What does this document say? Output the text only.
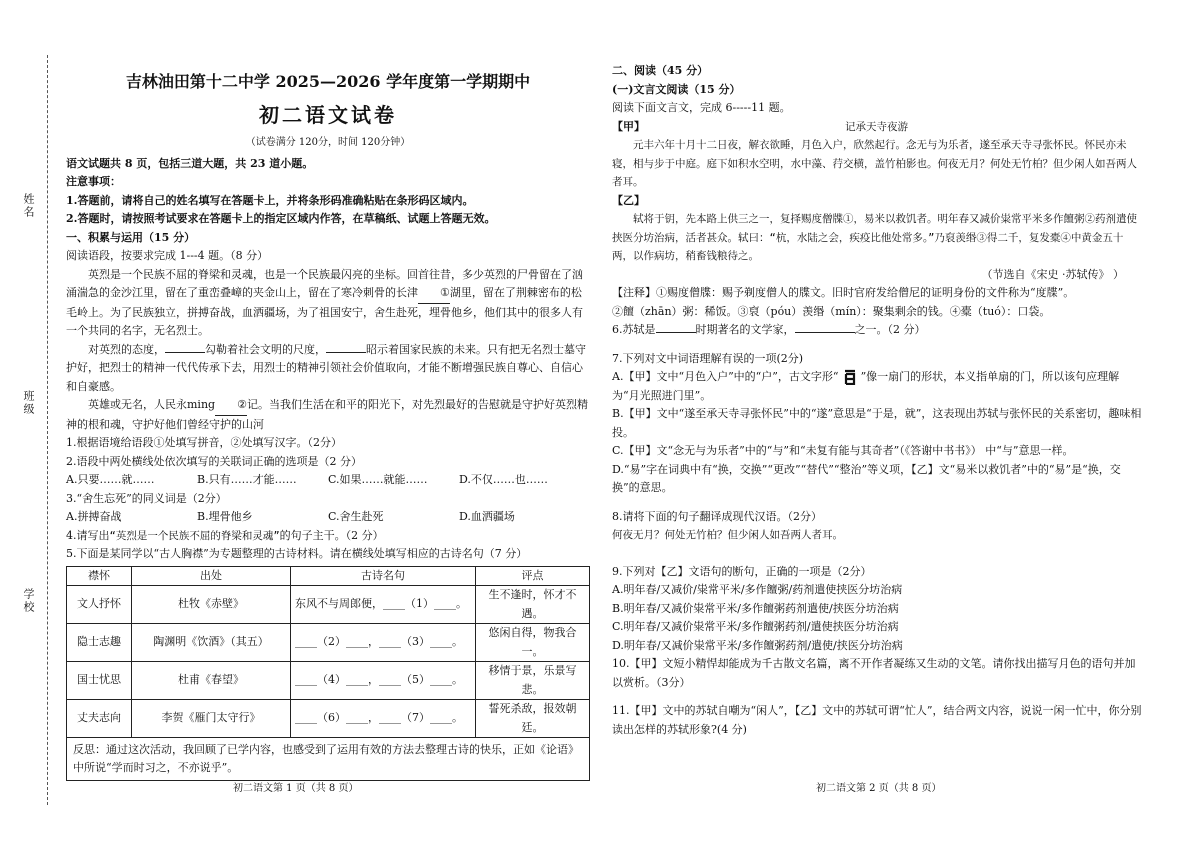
姓名
班级
学校
吉林油田第十二中学 2025—2026 学年度第一学期期中
初二语文试卷
（试卷满分 120分，时间 120分钟）

语文试题共 8 页，包括三道大题，共 23 道小题。

注意事项：

1.答题前，请将自己的姓名填写在答题卡上，并将条形码准确粘贴在条形码区域内。

2.答题时，请按照考试要求在答题卡上的指定区域内作答，在草稿纸、试题上答题无效。

一、积累与运用（15 分）

阅读语段，按要求完成 1---4 题。（8 分）

英烈是一个民族不屈的脊梁和灵魂，也是一个民族最闪亮的坐标。回首往昔，多少英烈的尸骨留在了汹涌湍急的金沙江里，留在了重峦叠嶂的夹金山上，留在了寒冷刺骨的长津 ①湖里，留在了荆棘密布的松毛岭上。为了民族独立，拼搏奋战，血洒疆场，为了祖国安宁，舍生赴死，埋骨他乡，他们其中的很多人有一个共同的名字，无名烈士。

对英烈的态度，	勾勒着社会文明的尺度，	昭示着国家民族的未来。只有把无名烈士墓守护好，把烈士的精神一代代传承下去，用烈士的精神引领社会价值取向，才能不断增强民族自尊心、自信心和自豪感。

英雄或无名，人民永ming ②记。当我们生活在和平的阳光下，对先烈最好的告慰就是守护好英烈精神的根和魂，守护好他们曾经守护的山河

1.根据语境给语段①处填写拼音，②处填写汉字。（2分）

2.语段中两处横线处依次填写的关联词正确的选项是（2 分）

A.只要……就……	B.只有……才能……	C.如果……就能……	D.不仅……也……

3.“舍生忘死”的同义词是（2分）

A.拼搏奋战	B.埋骨他乡	C.舍生赴死	D.血洒疆场

4.请写出“英烈是一个民族不屈的脊梁和灵魂”的句子主干。（2 分）

5.下面是某同学以“古人胸襟”为专题整理的古诗材料。请在横线处填写相应的古诗名句（7 分）

襟怀	出处	古诗名句	评点
文人抒怀	杜牧《赤壁》	东风不与周郎便，____（1）____。	生不逢时，怀才不遇。
隐士志趣	陶渊明《饮酒》（其五）	____（2）____，____（3）____。	悠闲自得，物我合一。
国士忧思	杜甫《春望》	____（4）____，____（5）____。	移情于景，乐景写悲。
丈夫志向	李贺《雁门太守行》	____（6）____，____（7）____。	誓死杀敌，报效朝廷。
反思：通过这次活动，我回顾了已学内容，也感受到了运用有效的方法去整理古诗的快乐，正如《论语》中所说“学而时习之，不亦说乎”。

二、阅读（45 分）

(一)文言文阅读（15 分）

阅读下面文言文，完成 6-----11 题。

【甲】	记承天寺夜游

元丰六年十月十二日夜，解衣欲睡，月色入户，欣然起行。念无与为乐者，遂至承天寺寻张怀民。怀民亦未寝，相与步于中庭。庭下如积水空明，水中藻、荇交横，盖竹柏影也。何夜无月？何处无竹柏？但少闲人如吾两人者耳。

【乙】

轼将于钥，先本路上供三之一，复择赐度僧牒①，易米以救饥者。明年春又减价粜常平米多作饘粥②药剂遣使挟医分坊治病，活者甚众。轼曰：“杭，水陆之会，疾疫比他处常多。”乃裒羡缗③得二千，复发橐④中黄金五十两，以作病坊，稍畜钱粮待之。

（节选自《宋史 ·苏轼传》 ）

【注释】①赐度僧牒：赐予剃度僧人的牒文。旧时官府发给僧尼的证明身份的文件称为“度牒”。

②饘（zhān）粥：稀饭。③裒（póu）羡缗（mín）：聚集剩余的钱。④橐（tuó）：口袋。

6.苏轼是	时期著名的文学家，	之一。（2 分）

7.下列对文中词语理解有误的一项(2分)

A.【甲】文中“月色入户”中的“户”，古文字形“ ”像一扇门的形状，本义指单扇的门，所以该句应理解为“月光照进门里”。

B.【甲】文中“遂至承天寺寻张怀民”中的“遂”意思是“于是，就”，这表现出苏轼与张怀民的关系密切，趣味相投。

C.【甲】文“念无与为乐者”中的“与”和“未复有能与其奇者”（《答谢中书书》） 中“与”意思一样。

D.“易”字在词典中有“换，交换”“更改”“替代”“整治”等义项，【乙】文“易米以救饥者”中的“易”是“换，交换”的意思。

8.请将下面的句子翻译成现代汉语。（2分）

何夜无月？何处无竹柏？但少闲人如吾两人者耳。

9.下列对【乙】文语句的断句，正确的一项是（2分）

A.明年春/又减价/粜常平米/多作饘粥/药剂遣使挟医分坊治病

B.明年春/又减价粜常平米/多作饘粥药剂遣使/挟医分坊治病

C.明年春/又减价粜常平米/多作饘粥药剂/遣使挟医分坊治病

D.明年春/又减价粜常平米/多作饘粥药剂/遣使/挟医分坊治病

10.【甲】文短小精悍却能成为千古散文名篇，离不开作者凝练又生动的文笔。请你找出描写月色的语句并加以赏析。（3分）

11.【甲】文中的苏轼自嘲为“闲人”，【乙】文中的苏轼可谓“忙人”，结合两文内容，说说一闲一忙中，你分别读出怎样的苏轼形象?(4 分)

初二语文第 1 页（共 8 页）	初二语文第 2 页（共 8 页）
